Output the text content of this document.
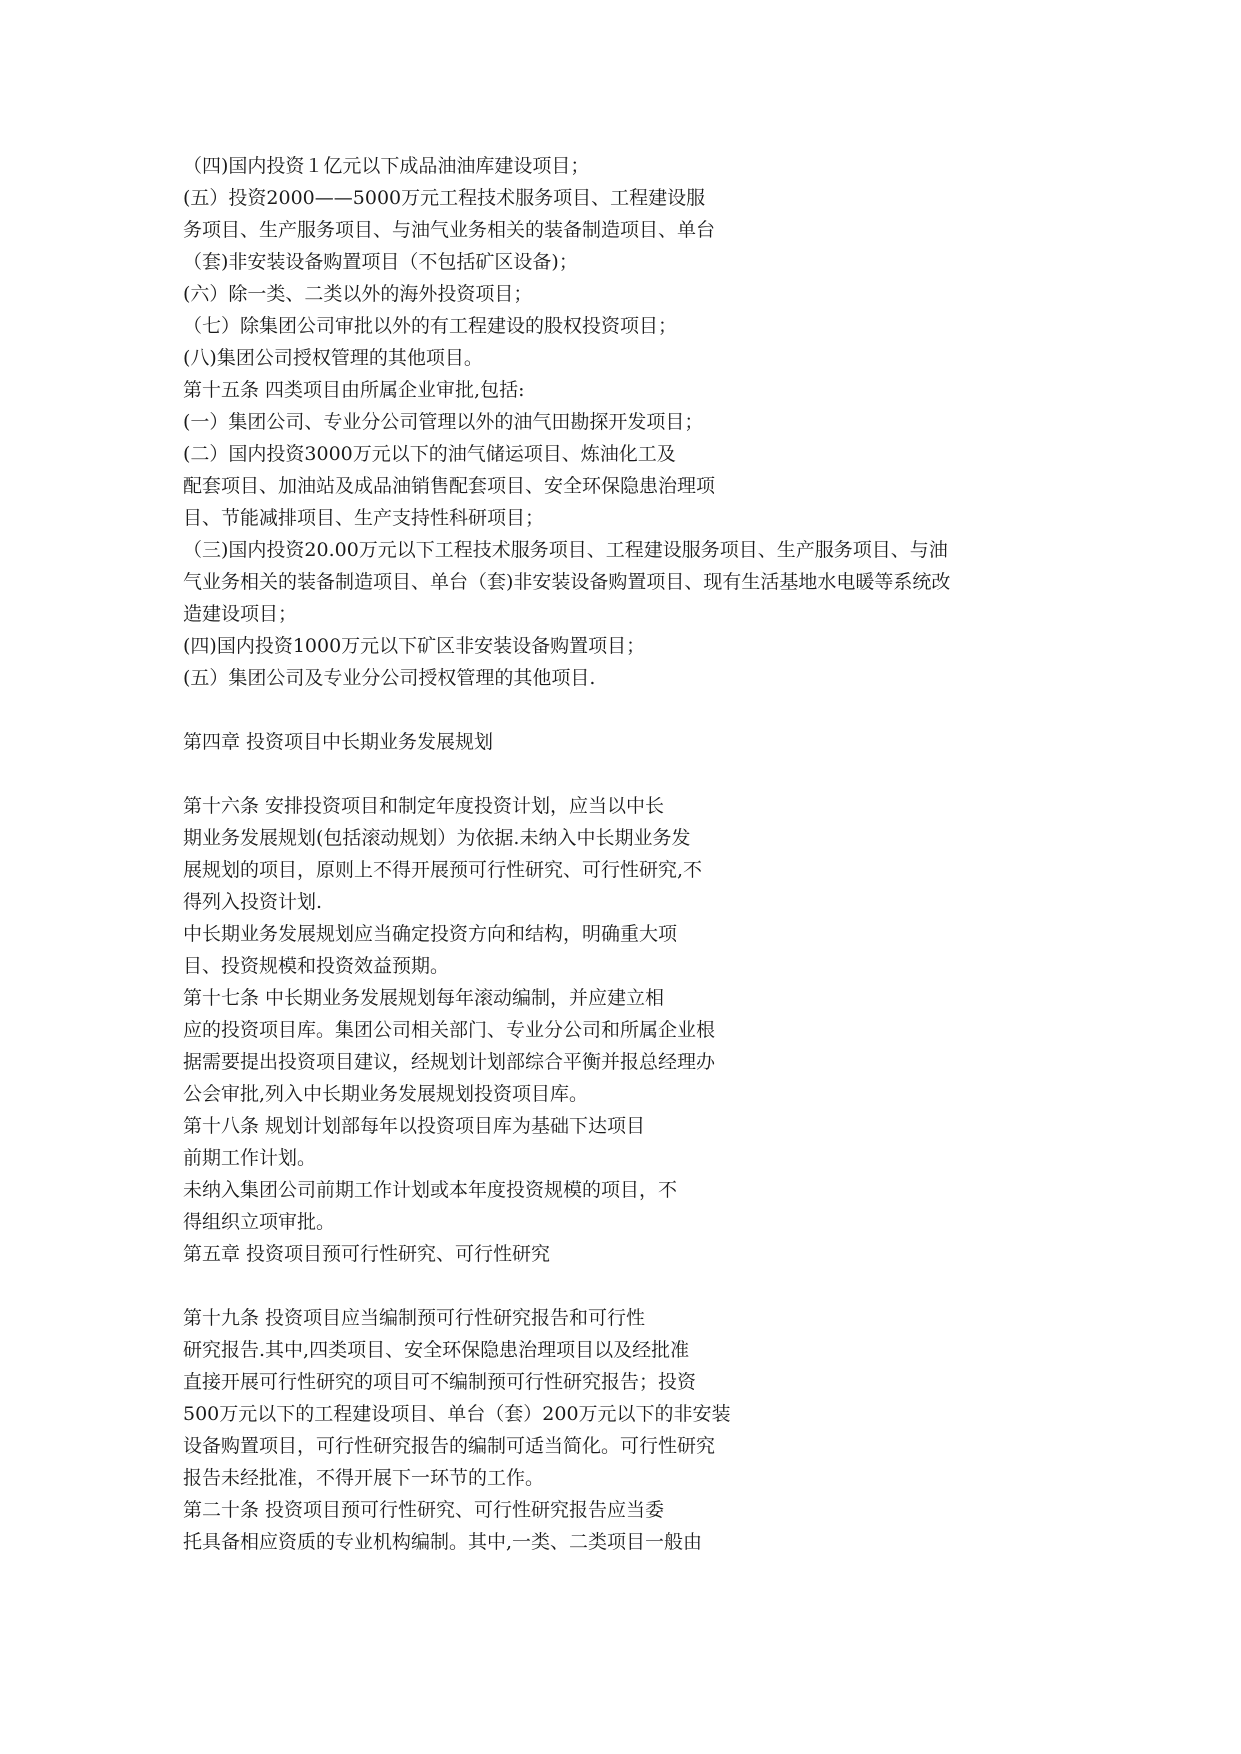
（四)国内投资１亿元以下成品油油库建设项目；
(五）投资2000——5000万元工程技术服务项目、工程建设服
务项目、生产服务项目、与油气业务相关的装备制造项目、单台
（套)非安装设备购置项目（不包括矿区设备)；
(六）除一类、二类以外的海外投资项目；
（七）除集团公司审批以外的有工程建设的股权投资项目；
(八)集团公司授权管理的其他项目。
第十五条 四类项目由所属企业审批,包括:
(一）集团公司、专业分公司管理以外的油气田勘探开发项目；
(二）国内投资3000万元以下的油气储运项目、炼油化工及
配套项目、加油站及成品油销售配套项目、安全环保隐患治理项
目、节能减排项目、生产支持性科研项目；
（三)国内投资20.00万元以下工程技术服务项目、工程建设服务项目、生产服务项目、与油
气业务相关的装备制造项目、单台（套)非安装设备购置项目、现有生活基地水电暖等系统改
造建设项目；
(四)国内投资1000万元以下矿区非安装设备购置项目；
(五）集团公司及专业分公司授权管理的其他项目.
第四章 投资项目中长期业务发展规划
第十六条 安排投资项目和制定年度投资计划，应当以中长
期业务发展规划(包括滚动规划）为依据.未纳入中长期业务发
展规划的项目，原则上不得开展预可行性研究、可行性研究,不
得列入投资计划.
中长期业务发展规划应当确定投资方向和结构，明确重大项
目、投资规模和投资效益预期。
第十七条 中长期业务发展规划每年滚动编制，并应建立相
应的投资项目库。集团公司相关部门、专业分公司和所属企业根
据需要提出投资项目建议，经规划计划部综合平衡并报总经理办
公会审批,列入中长期业务发展规划投资项目库。
第十八条 规划计划部每年以投资项目库为基础下达项目
前期工作计划。
未纳入集团公司前期工作计划或本年度投资规模的项目，不
得组织立项审批。
第五章 投资项目预可行性研究、可行性研究
第十九条 投资项目应当编制预可行性研究报告和可行性
研究报告.其中,四类项目、安全环保隐患治理项目以及经批准
直接开展可行性研究的项目可不编制预可行性研究报告；投资
500万元以下的工程建设项目、单台（套）200万元以下的非安装
设备购置项目，可行性研究报告的编制可适当简化。可行性研究
报告未经批准，不得开展下一环节的工作。
第二十条 投资项目预可行性研究、可行性研究报告应当委
托具备相应资质的专业机构编制。其中,一类、二类项目一般由
